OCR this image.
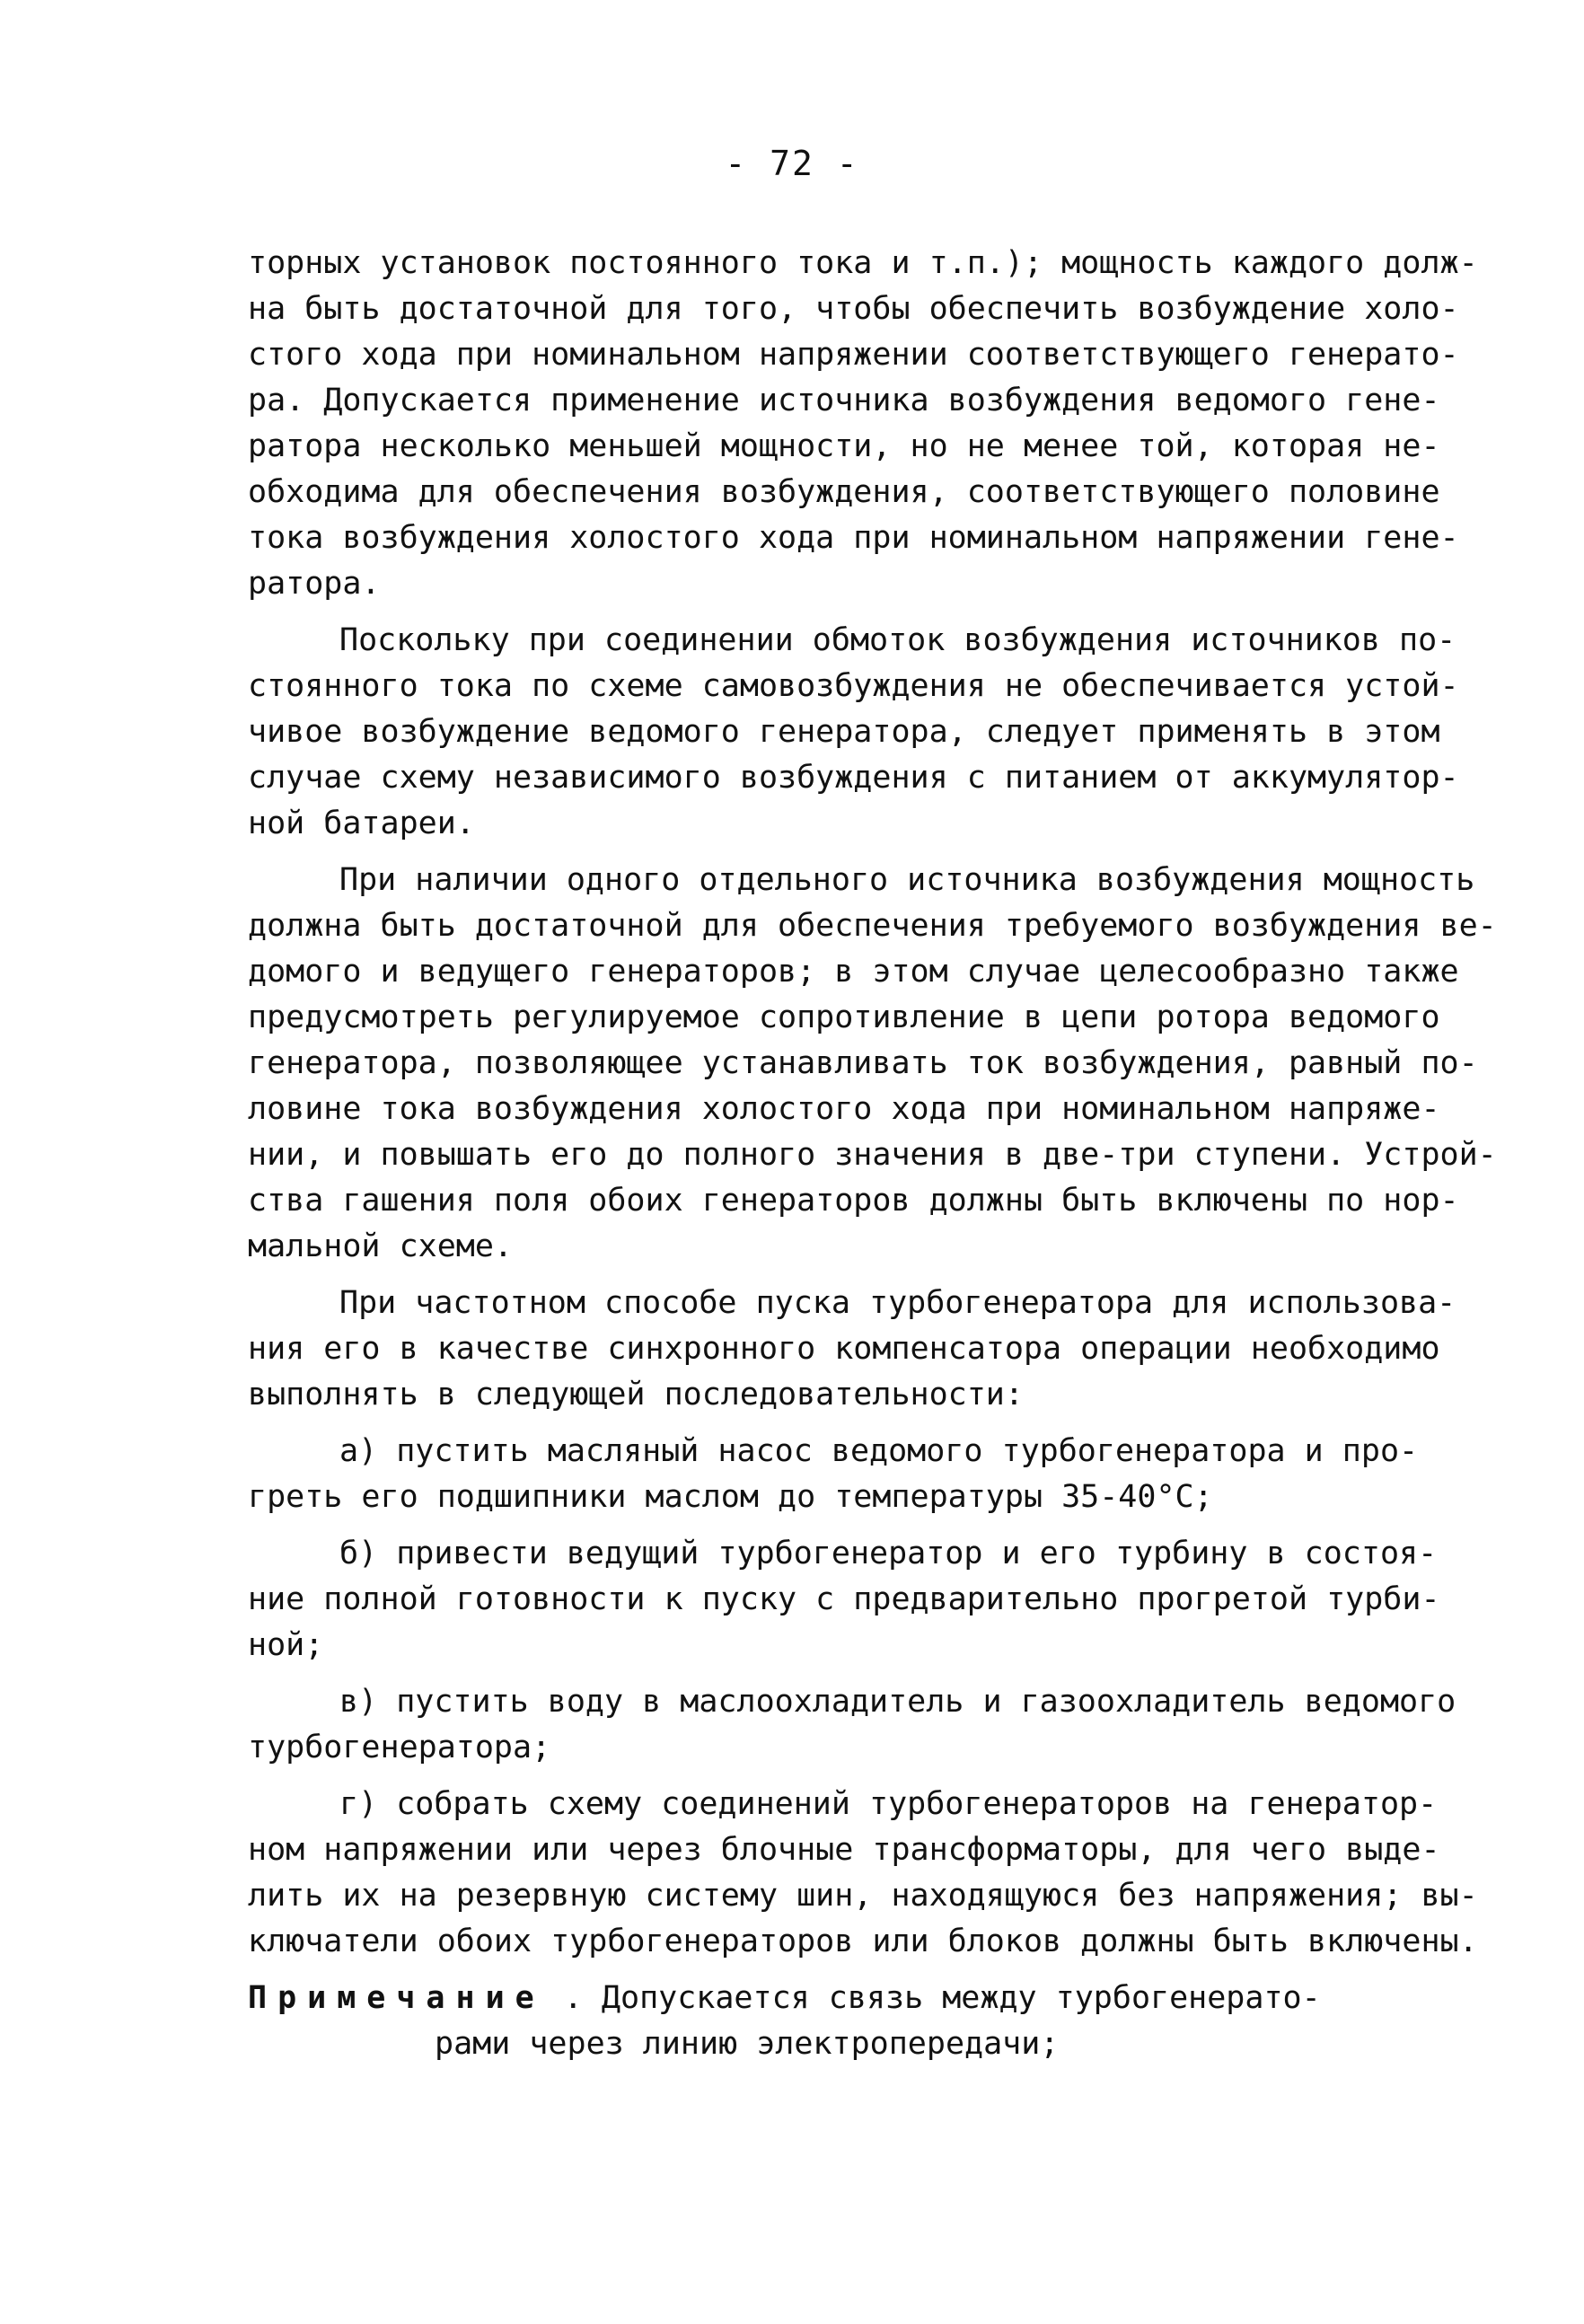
- 72 -
торных установок постоянного тока и т.п.); мощность каждого долж-
на быть достаточной для того, чтобы обеспечить возбуждение холо-
стого хода при номинальном напряжении соответствующего генерато-
ра. Допускается применение источника возбуждения ведомого гене-
ратора несколько меньшей мощности, но не менее той, которая не-
обходима для обеспечения возбуждения, соответствующего половине
тока возбуждения холостого хода при номинальном напряжении гене-
ратора.
Поскольку при соединении обмоток возбуждения источников по-
стоянного тока по схеме самовозбуждения не обеспечивается устой-
чивое возбуждение ведомого генератора, следует применять в этом
случае схему независимого возбуждения с питанием от аккумулятор-
ной батареи.
При наличии одного отдельного источника возбуждения мощность
должна быть достаточной для обеспечения требуемого возбуждения ве-
домого и ведущего генераторов; в этом случае целесообразно также
предусмотреть регулируемое сопротивление в цепи ротора ведомого
генератора, позволяющее устанавливать ток возбуждения, равный по-
ловине тока возбуждения холостого хода при номинальном напряже-
нии, и повышать его до полного значения в две-три ступени. Устрой-
ства гашения поля обоих генераторов должны быть включены по нор-
мальной схеме.
При частотном способе пуска турбогенератора для использова-
ния его в качестве синхронного компенсатора операции необходимо
выполнять в следующей последовательности:
а) пустить масляный насос ведомого турбогенератора и про-
греть его подшипники маслом до температуры 35-40°С;
б) привести ведущий турбогенератор и его турбину в состоя-
ние полной готовности к пуску с предварительно прогретой турби-
ной;
в) пустить воду в маслоохладитель и газоохладитель ведомого
турбогенератора;
г) собрать схему соединений турбогенераторов на генератор-
ном напряжении или через блочные трансформаторы, для чего выде-
лить их на резервную систему шин, находящуюся без напряжения; вы-
ключатели обоих турбогенераторов или блоков должны быть включены.
Примечание . Допускается связь между турбогенерато-
рами через линию электропередачи;
